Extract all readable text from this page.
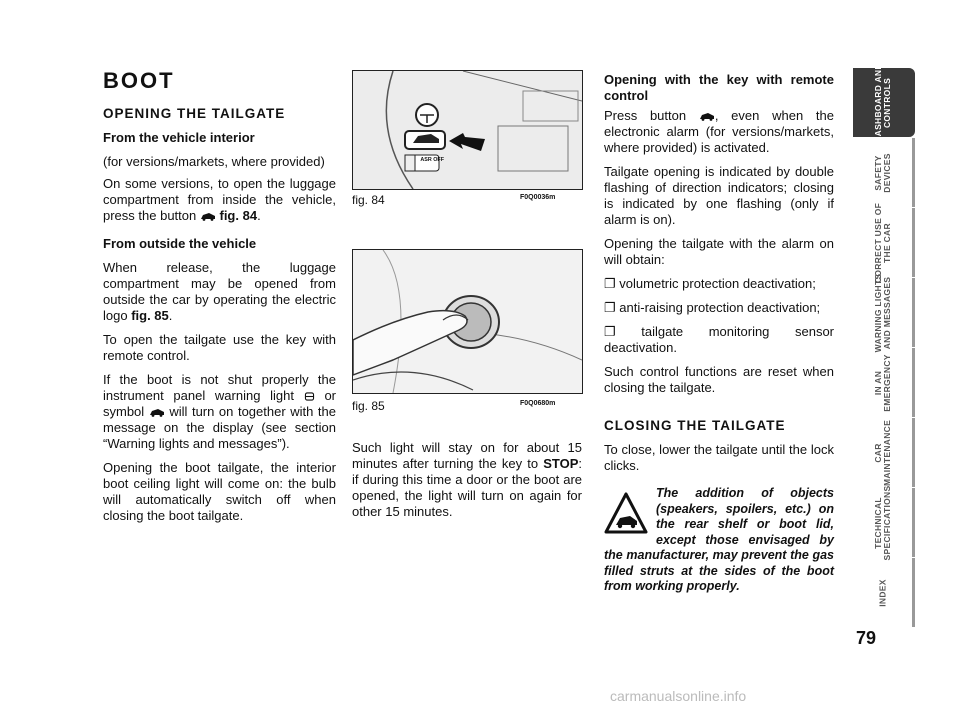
BOOT

OPENING THE TAILGATE

From the vehicle interior

(for versions/markets, where provided)

On some versions, to open the luggage compartment from inside the vehicle, press the button fig. 84.

From outside the vehicle

When release, the luggage compartment may be opened from outside the car by operating the electric logo fig. 85.

To open the tailgate use the key with remote control.

If the boot is not shut properly the instrument panel warning light or symbol will turn on together with the message on the display (see section “Warning lights and messages”).

Opening the boot tailgate, the interior boot ceiling light will come on: the bulb will automatically switch off when closing the boot tailgate.

ASR OFF
fig. 84	F0Q0036m
fig. 85	F0Q0680m

Such light will stay on for about 15 minutes after turning the key to STOP: if during this time a door or the boot are opened, the light will turn on again for other 15 minutes.

Opening with the key with remote control

Press button , even when the electronic alarm (for versions/markets, where provided) is activated.

Tailgate opening is indicated by double flashing of direction indicators; closing is indicated by one flashing (only if alarm is on).

Opening the tailgate with the alarm on will obtain:

❐ volumetric protection deactivation;

❐ anti-raising protection deactivation;

❐ tailgate monitoring sensor deactivation.

Such control functions are reset when closing the tailgate.

CLOSING THE TAILGATE

To close, lower the tailgate until the lock clicks.

The addition of objects (speakers, spoilers, etc.) on the rear shelf or boot lid, except those envisaged by the manufacturer, may prevent the gas filled struts at the sides of the boot from working properly.
DASHBOARD AND
CONTROLS
SAFETY
DEVICES
CORRECT USE OF
THE CAR
WARNING LIGHTS
AND MESSAGES
IN AN
EMERGENCY
CAR
MAINTENANCE
TECHNICAL
SPECIFICATIONS
INDEX
79
carmanualsonline.info
